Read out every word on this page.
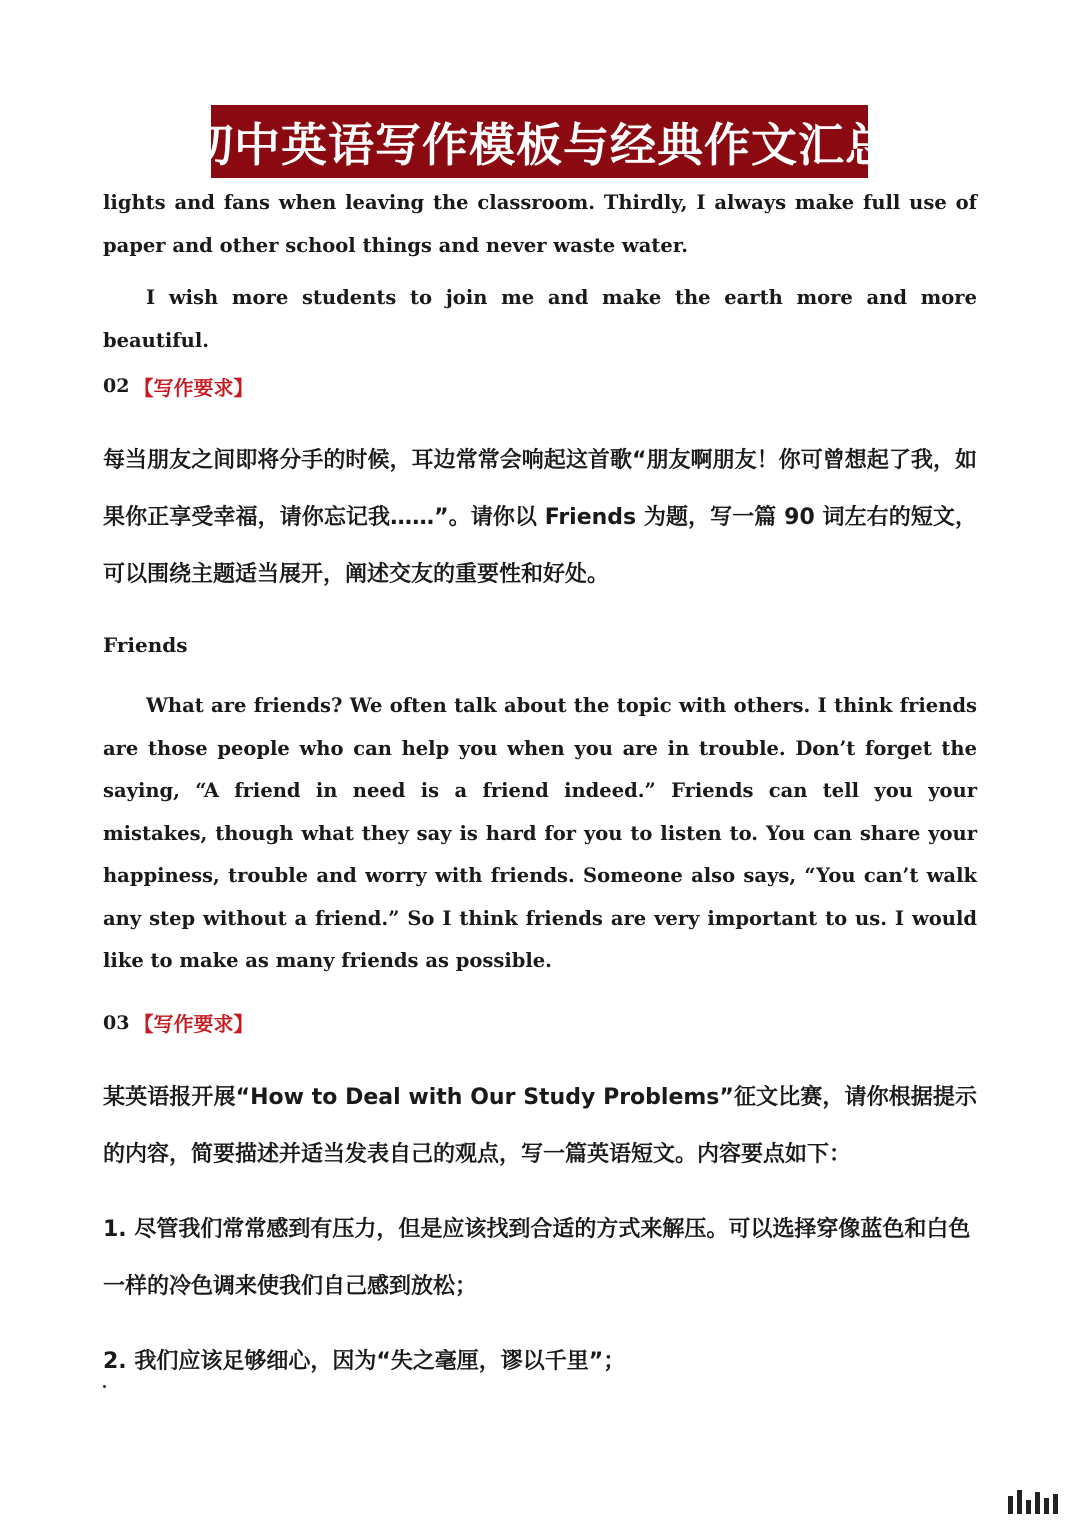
初中英语写作模板与经典作文汇总

lights and fans when leaving the classroom. Thirdly, I always make full use of paper and other school things and never waste water.

I wish more students to join me and make the earth more and more beautiful.

02 【写作要求】

每当朋友之间即将分手的时候，耳边常常会响起这首歌“朋友啊朋友！你可曾想起了我，如果你正享受幸福，请你忘记我……”。请你以 Friends 为题，写一篇 90 词左右的短文，可以围绕主题适当展开，阐述交友的重要性和好处。

Friends

What are friends? We often talk about the topic with others. I think friends are those people who can help you when you are in trouble. Don’t forget the saying, “A friend in need is a friend indeed.” Friends can tell you your mistakes, though what they say is hard for you to listen to. You can share your happiness, trouble and worry with friends. Someone also says, “You can’t walk any step without a friend.” So I think friends are very important to us. I would like to make as many friends as possible.

03 【写作要求】

某英语报开展“How to Deal with Our Study Problems”征文比赛，请你根据提示的内容，简要描述并适当发表自己的观点，写一篇英语短文。内容要点如下：

1. 尽管我们常常感到有压力，但是应该找到合适的方式来解压。可以选择穿像蓝色和白色一样的冷色调来使我们自己感到放松；

2. 我们应该足够细心，因为“失之毫厘，谬以千里”；
